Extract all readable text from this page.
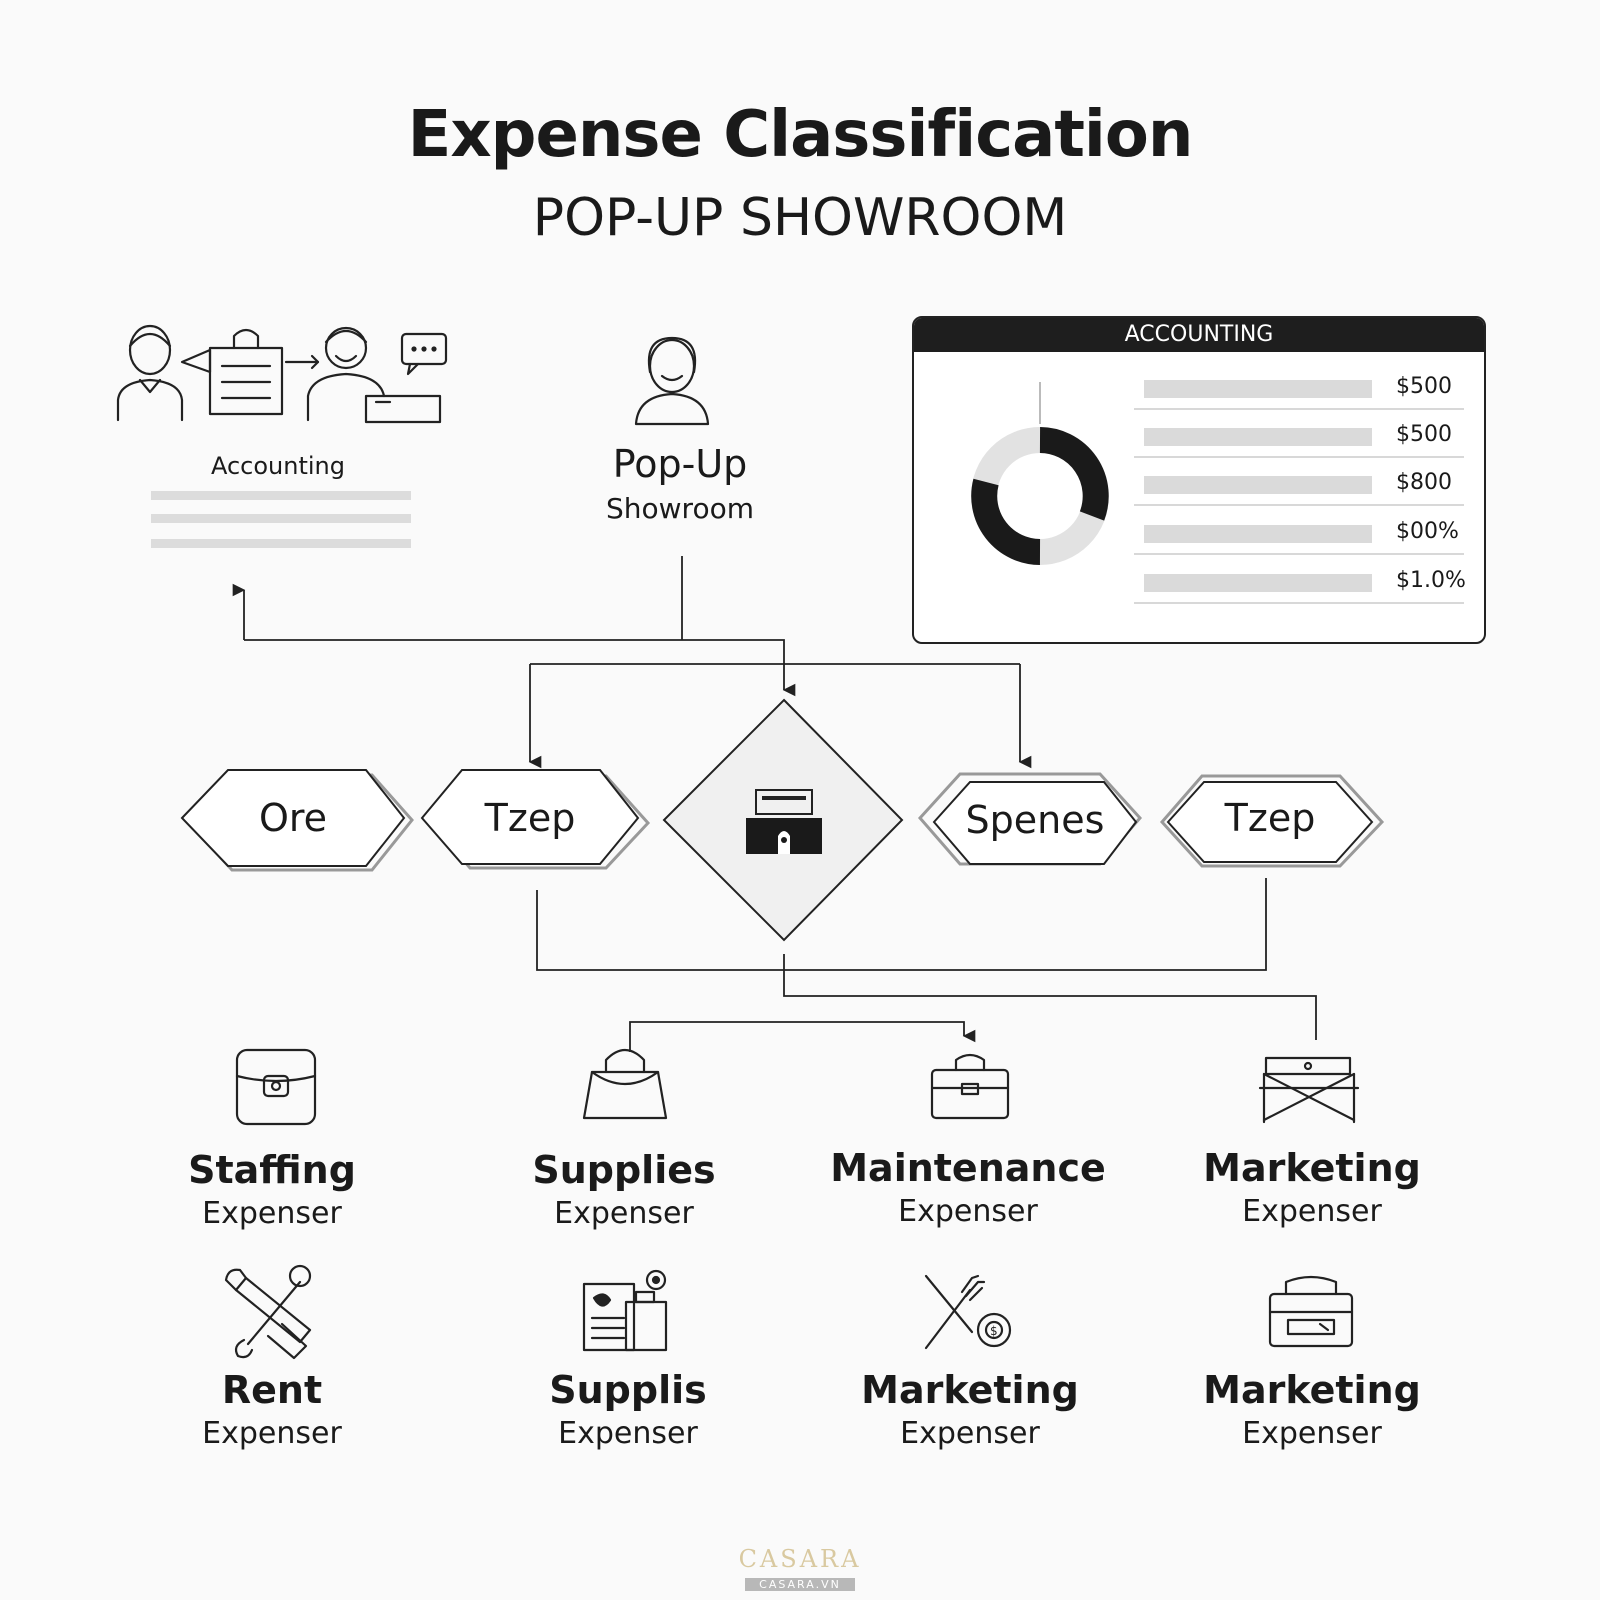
Expense Classification
POP-UP SHOWROOM
$
Accounting	Pop-Up
Showroom
ACCOUNTING
$500
$500
$800
$00%
$1.0%
Ore	Tzep	Spenes	Tzep
Staffing
Expenser
Supplies
Expenser
Maintenance
Expenser
Marketing
Expenser
Rent
Expenser
Supplis
Expenser
Marketing
Expenser
Marketing
Expenser
CASARA
CASARA.VN
